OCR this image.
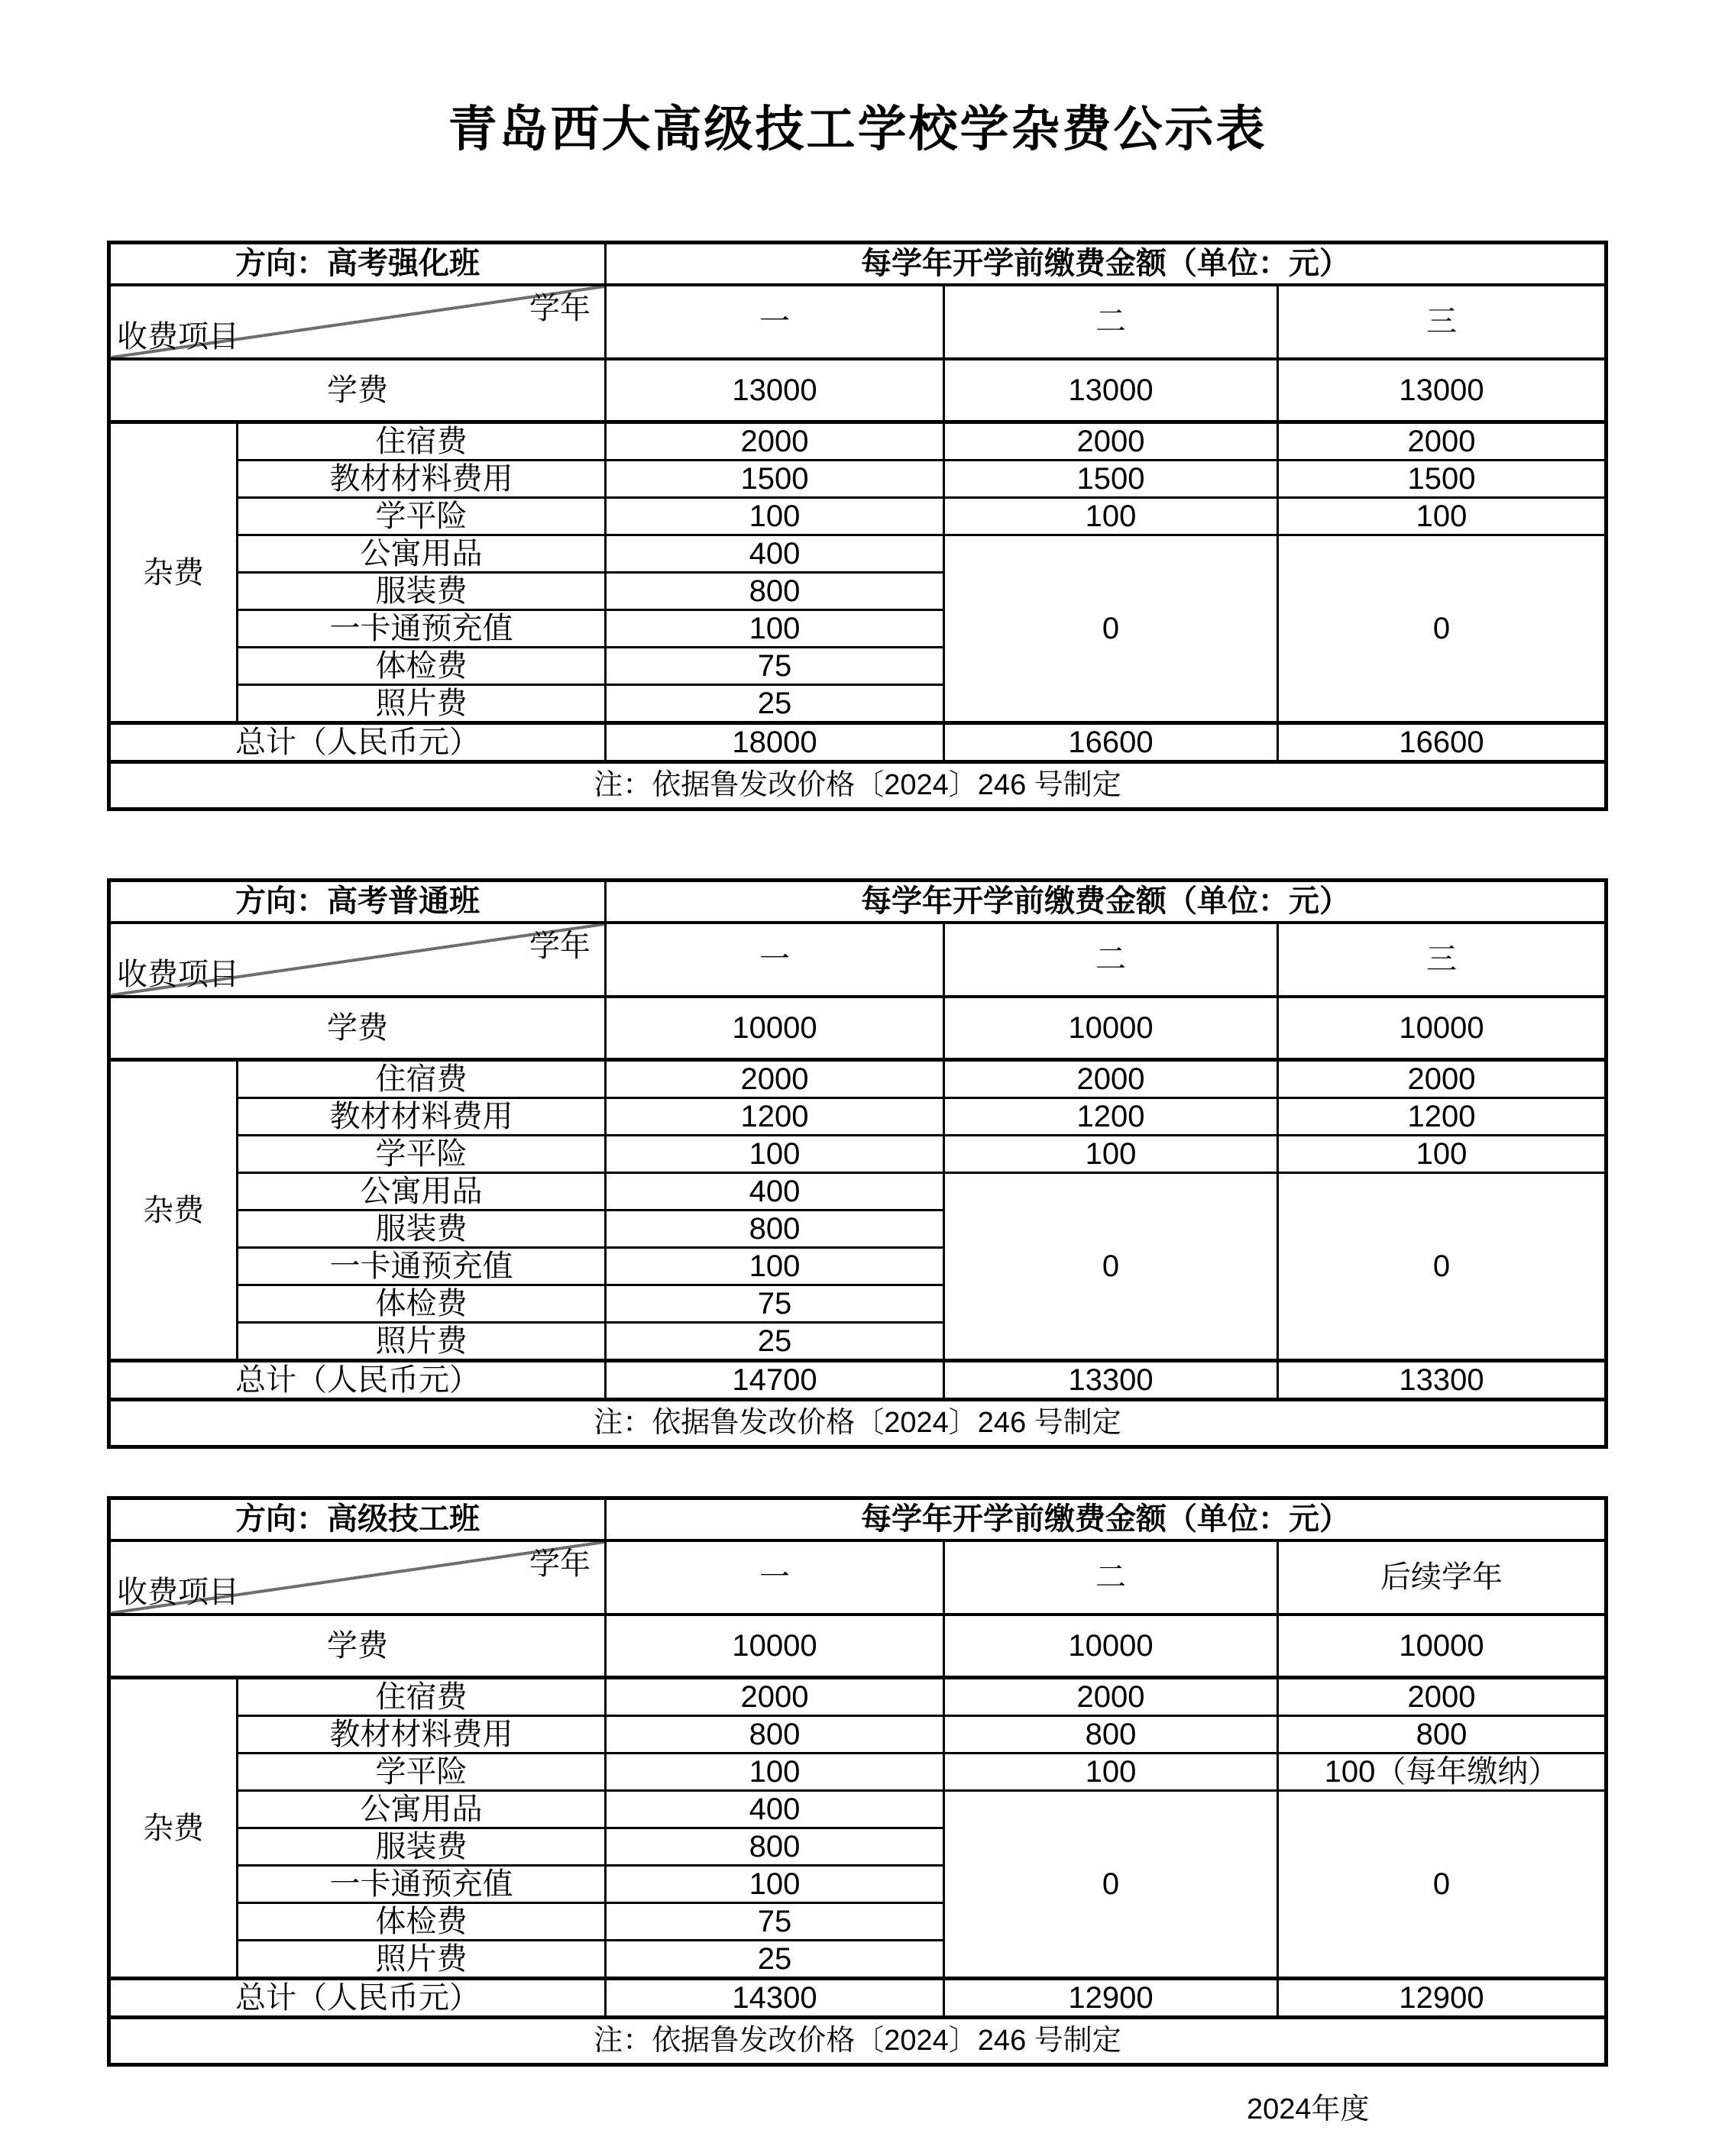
青岛西大高级技工学校学杂费公示表
方向：高考强化班		每学年开学前缴费金额（单位：元）		

学年
收费项目		一	二	三
学费		13000	13000	13000
杂费	住宿费	2000	2000	2000
	教材材料费用	1500	1500	1500
	学平险	100	100	100
	公寓用品	400	0	0
	服装费	800		
	一卡通预充值	100		
	体检费	75		
	照片费	25		
总计（人民币元）		18000	16600	16600
注：依据鲁发改价格〔2024〕246 号制定				
方向：高考普通班		每学年开学前缴费金额（单位：元）		

学年
收费项目		一	二	三
学费		10000	10000	10000
杂费	住宿费	2000	2000	2000
	教材材料费用	1200	1200	1200
	学平险	100	100	100
	公寓用品	400	0	0
	服装费	800		
	一卡通预充值	100		
	体检费	75		
	照片费	25		
总计（人民币元）		14700	13300	13300
注：依据鲁发改价格〔2024〕246 号制定				
方向：高级技工班		每学年开学前缴费金额（单位：元）		

学年
收费项目		一	二	后续学年
学费		10000	10000	10000
杂费	住宿费	2000	2000	2000
	教材材料费用	800	800	800
	学平险	100	100	100（每年缴纳）
	公寓用品	400	0	0
	服装费	800		
	一卡通预充值	100		
	体检费	75		
	照片费	25		
总计（人民币元）		14300	12900	12900
注：依据鲁发改价格〔2024〕246 号制定				
2024年度
